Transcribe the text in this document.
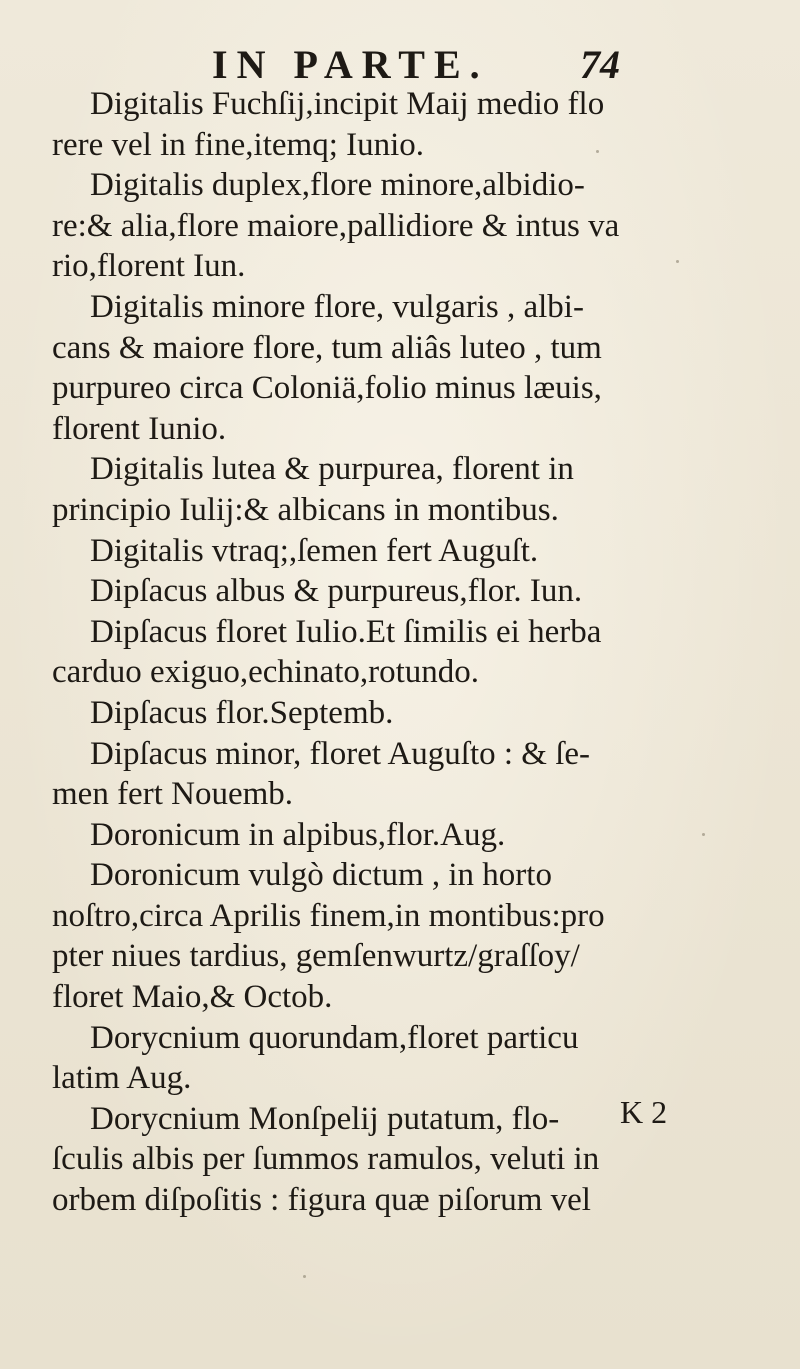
IN PARTE. 74
Digitalis Fuchſij,incipit Maij medio flo
rere vel in fine,itemq; Iunio.
Digitalis duplex,flore minore,albidio-
re:& alia,flore maiore,pallidiore & intus va
rio,florent Iun.
Digitalis minore flore, vulgaris , albi-
cans & maiore flore, tum aliâs luteo , tum
purpureo circa Coloniä,folio minus læuis,
florent Iunio.
Digitalis lutea & purpurea, florent in
principio Iulij:& albicans in montibus.
Digitalis vtraq;,ſemen fert Auguſt.
Dipſacus albus & purpureus,flor. Iun.
Dipſacus floret Iulio.Et ſimilis ei herba
carduo exiguo,echinato,rotundo.
Dipſacus flor.Septemb.
Dipſacus minor, floret Auguſto : & ſe-
men fert Nouemb.
Doronicum in alpibus,flor.Aug.
Doronicum vulgò dictum , in horto
noſtro,circa Aprilis finem,in montibus:pro
pter niues tardius, gemſenwurtz/graſſoy/
floret Maio,& Octob.
Dorycnium quorundam,floret particu
latim Aug.
Dorycnium Monſpelij putatum, flo-
ſculis albis per ſummos ramulos, veluti in
orbem diſpoſitis : figura quæ piſorum vel
K 2
